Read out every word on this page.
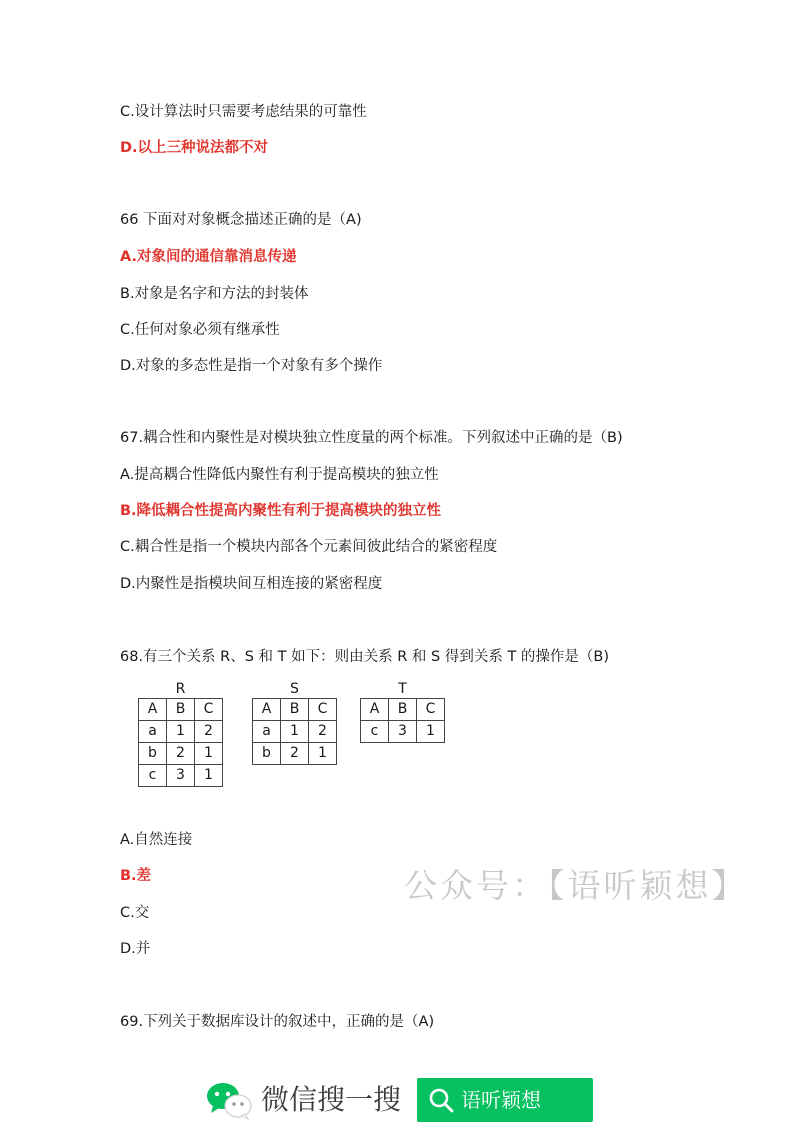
C.设计算法时只需要考虑结果的可靠性
D.以上三种说法都不对
66 下面对对象概念描述正确的是（A)
A.对象间的通信靠消息传递
B.对象是名字和方法的封装体
C.任何对象必须有继承性
D.对象的多态性是指一个对象有多个操作
67.耦合性和内聚性是对模块独立性度量的两个标准。下列叙述中正确的是（B)
A.提高耦合性降低内聚性有利于提高模块的独立性
B.降低耦合性提高内聚性有利于提高模块的独立性
C.耦合性是指一个模块内部各个元素间彼此结合的紧密程度
D.内聚性是指模块间互相连接的紧密程度
68.有三个关系 R、S 和 T 如下：则由关系 R 和 S 得到关系 T 的操作是（B)
R
A	B	C
a	1	2
b	2	1
c	3	1
S
A	B	C
a	1	2
b	2	1
T
A	B	C
c	3	1
A.自然连接
B.差
C.交
D.并
69.下列关于数据库设计的叙述中，正确的是（A)
公众号：【语听颖想】
微信搜一搜	语听颖想
